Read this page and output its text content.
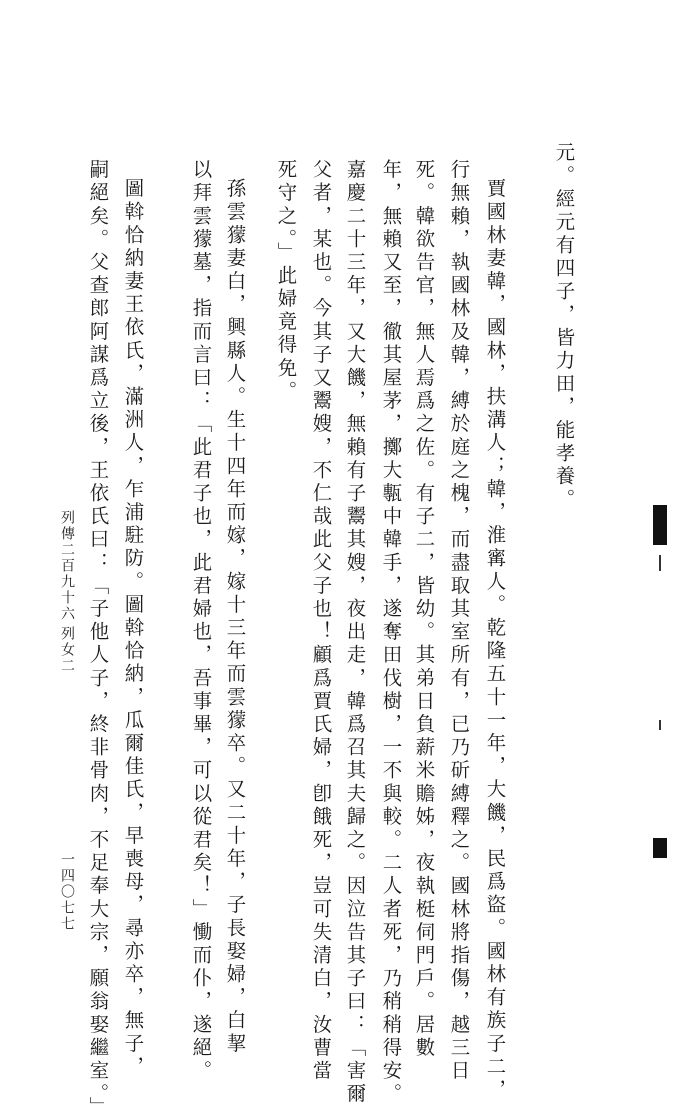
元。經元有四子，皆力田，能孝養。
賈國林妻韓，國林，扶溝人；韓，淮寗人。乾隆五十一年，大饑，民爲盜。國林有族子二，
行無賴，執國林及韓，縛於庭之槐，而盡取其室所有，已乃斫縛釋之。國林將指傷，越三日
死。韓欲告官，無人焉爲之佐。有子二，皆幼。其弟日負薪米贍姊，夜執梃伺門戶。居數
年，無賴又至，徹其屋茅，擲大甎中韓手，遂奪田伐樹，一不與較。二人者死，乃稍稍得安。
嘉慶二十三年，又大饑，無賴有子鬻其嫂，夜出走，韓爲召其夫歸之。因泣告其子曰：「害爾
父者，某也。今其子又鬻嫂，不仁哉此父子也！顧爲賈氏婦，卽餓死，豈可失清白，汝曹當
死守之。」此婦竟得免。
孫雲獴妻白，興縣人。生十四年而嫁，嫁十三年而雲獴卒。又二十年，子長娶婦，白挈
以拜雲獴墓，指而言曰：「此君子也，此君婦也，吾事畢，可以從君矣！」慟而仆，遂絕。
圖斡恰納妻王依氏，滿洲人，乍浦駐防。圖斡恰納，瓜爾佳氏，早喪母，尋亦卒，無子，
嗣絕矣。父查郎阿謀爲立後，王依氏曰：「子他人子，終非骨肉，不足奉大宗，願翁娶繼室。」
列傳二百九十六
列女二
一四〇七七
